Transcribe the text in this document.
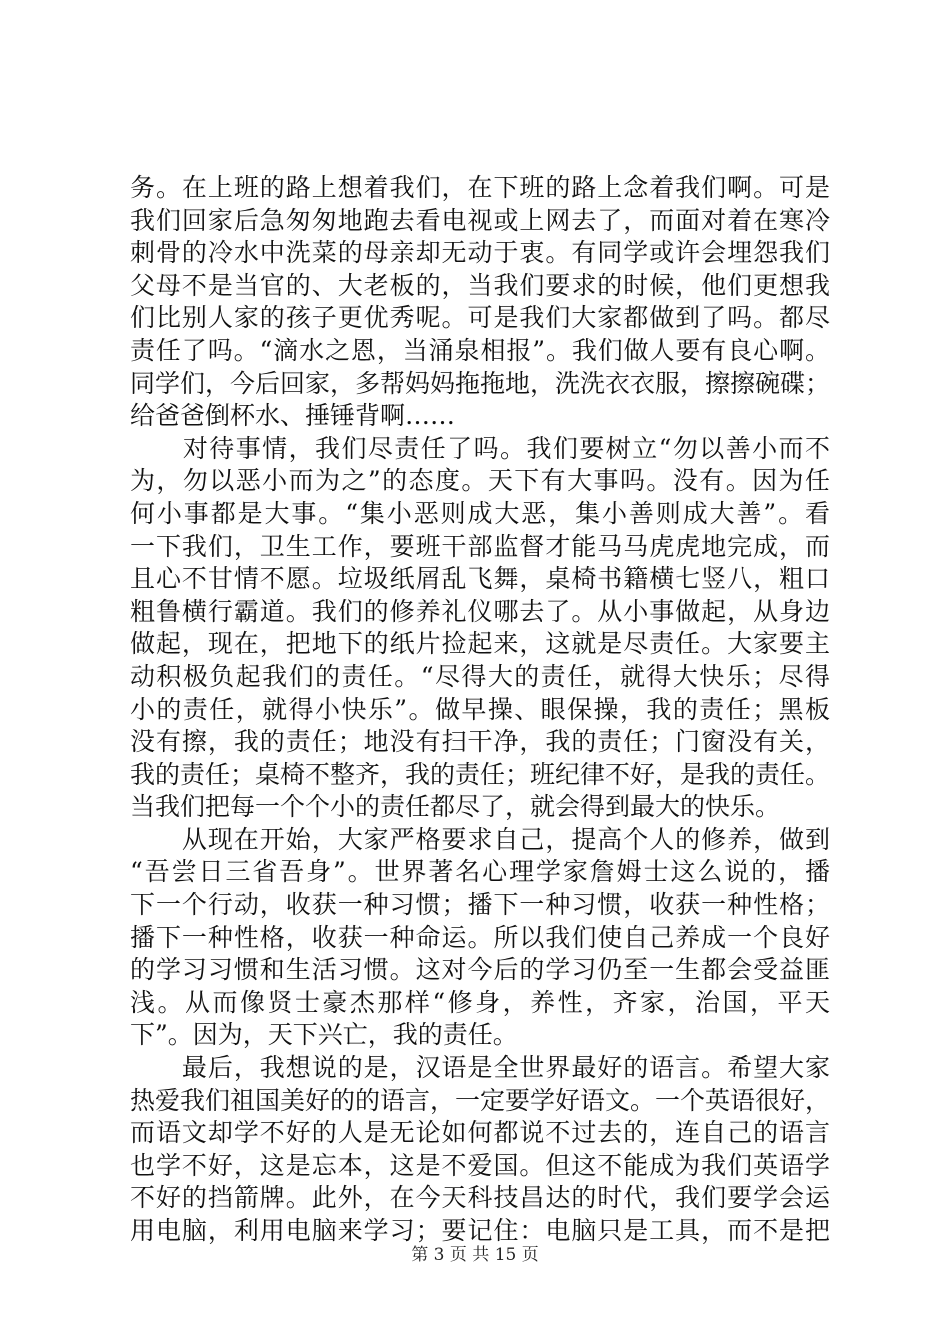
务。在上班的路上想着我们，在下班的路上念着我们啊。可是
我们回家后急匆匆地跑去看电视或上网去了，而面对着在寒冷
刺骨的冷水中洗菜的母亲却无动于衷。有同学或许会埋怨我们
父母不是当官的、大老板的，当我们要求的时候，他们更想我
们比别人家的孩子更优秀呢。可是我们大家都做到了吗。都尽
责任了吗。“滴水之恩，当涌泉相报”。我们做人要有良心啊。
同学们，今后回家，多帮妈妈拖拖地，洗洗衣衣服，擦擦碗碟；
给爸爸倒杯水、捶锤背啊……
　　对待事情，我们尽责任了吗。我们要树立“勿以善小而不
为，勿以恶小而为之”的态度。天下有大事吗。没有。因为任
何小事都是大事。“集小恶则成大恶，集小善则成大善”。看
一下我们，卫生工作，要班干部监督才能马马虎虎地完成，而
且心不甘情不愿。垃圾纸屑乱飞舞，桌椅书籍横七竖八，粗口
粗鲁横行霸道。我们的修养礼仪哪去了。从小事做起，从身边
做起，现在，把地下的纸片捡起来，这就是尽责任。大家要主
动积极负起我们的责任。“尽得大的责任，就得大快乐；尽得
小的责任，就得小快乐”。做早操、眼保操，我的责任；黑板
没有擦，我的责任；地没有扫干净，我的责任；门窗没有关，
我的责任；桌椅不整齐，我的责任；班纪律不好，是我的责任。
当我们把每一个个小的责任都尽了，就会得到最大的快乐。
　　从现在开始，大家严格要求自己，提高个人的修养，做到
“吾尝日三省吾身”。世界著名心理学家詹姆士这么说的，播
下一个行动，收获一种习惯；播下一种习惯，收获一种性格；
播下一种性格，收获一种命运。所以我们使自己养成一个良好
的学习习惯和生活习惯。这对今后的学习仍至一生都会受益匪
浅。从而像贤士豪杰那样“修身，养性，齐家，治国，平天
下”。因为，天下兴亡，我的责任。
　　最后，我想说的是，汉语是全世界最好的语言。希望大家
热爱我们祖国美好的的语言，一定要学好语文。一个英语很好，
而语文却学不好的人是无论如何都说不过去的，连自己的语言
也学不好，这是忘本，这是不爱国。但这不能成为我们英语学
不好的挡箭牌。此外，在今天科技昌达的时代，我们要学会运
用电脑，利用电脑来学习；要记住：电脑只是工具，而不是把
第 3 页 共 15 页
